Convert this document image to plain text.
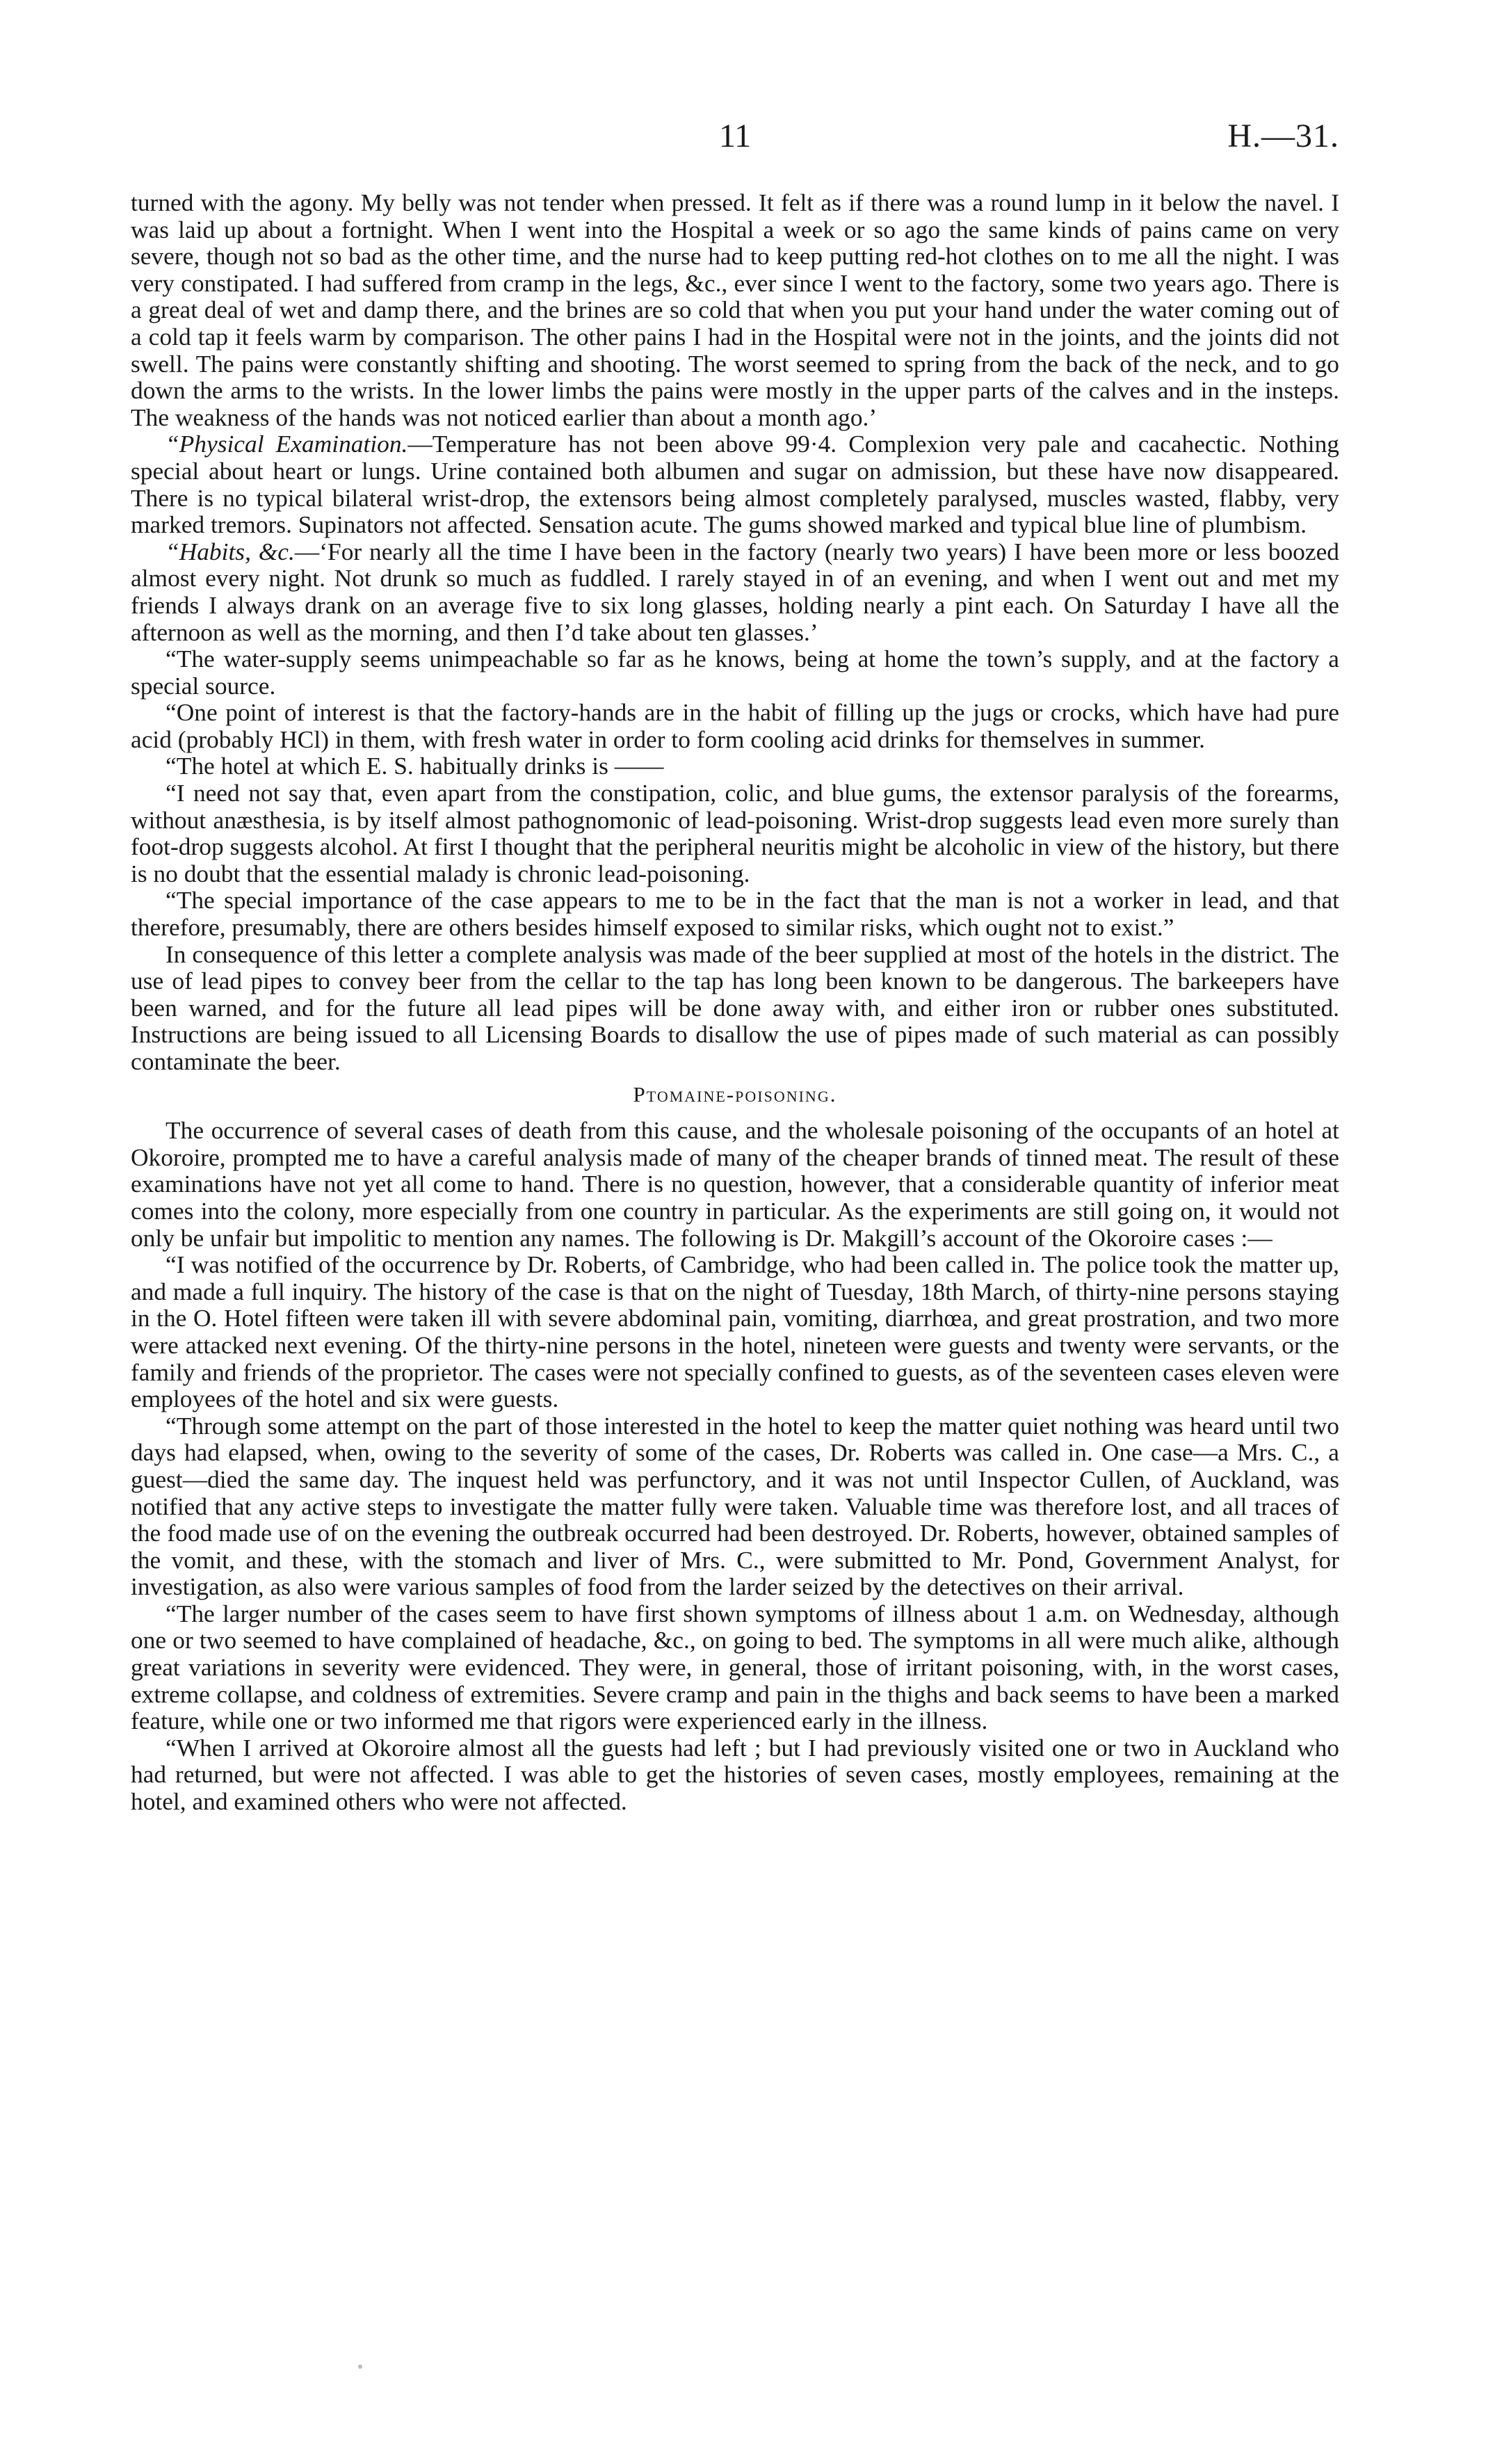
11	H.—31.

turned with the agony. My belly was not tender when pressed. It felt as if there was a round lump in it below the navel. I was laid up about a fortnight. When I went into the Hospital a week or so ago the same kinds of pains came on very severe, though not so bad as the other time, and the nurse had to keep putting red-hot clothes on to me all the night. I was very constipated. I had suffered from cramp in the legs, &c., ever since I went to the factory, some two years ago. There is a great deal of wet and damp there, and the brines are so cold that when you put your hand under the water coming out of a cold tap it feels warm by comparison. The other pains I had in the Hospital were not in the joints, and the joints did not swell. The pains were constantly shifting and shooting. The worst seemed to spring from the back of the neck, and to go down the arms to the wrists. In the lower limbs the pains were mostly in the upper parts of the calves and in the insteps. The weakness of the hands was not noticed earlier than about a month ago.’

“Physical Examination.—Temperature has not been above 99·4. Complexion very pale and cacahectic. Nothing special about heart or lungs. Urine contained both albumen and sugar on admission, but these have now disappeared. There is no typical bilateral wrist-drop, the extensors being almost completely paralysed, muscles wasted, flabby, very marked tremors. Supinators not affected. Sensation acute. The gums showed marked and typical blue line of plumbism.

“Habits, &c.—‘For nearly all the time I have been in the factory (nearly two years) I have been more or less boozed almost every night. Not drunk so much as fuddled. I rarely stayed in of an evening, and when I went out and met my friends I always drank on an average five to six long glasses, holding nearly a pint each. On Saturday I have all the afternoon as well as the morning, and then I’d take about ten glasses.’

“The water-supply seems unimpeachable so far as he knows, being at home the town’s supply, and at the factory a special source.

“One point of interest is that the factory-hands are in the habit of filling up the jugs or crocks, which have had pure acid (probably HCl) in them, with fresh water in order to form cooling acid drinks for themselves in summer.

“The hotel at which E. S. habitually drinks is ——

“I need not say that, even apart from the constipation, colic, and blue gums, the extensor paralysis of the forearms, without anæsthesia, is by itself almost pathognomonic of lead-poisoning. Wrist-drop suggests lead even more surely than foot-drop suggests alcohol. At first I thought that the peripheral neuritis might be alcoholic in view of the history, but there is no doubt that the essential malady is chronic lead-poisoning.

“The special importance of the case appears to me to be in the fact that the man is not a worker in lead, and that therefore, presumably, there are others besides himself exposed to similar risks, which ought not to exist.”

In consequence of this letter a complete analysis was made of the beer supplied at most of the hotels in the district. The use of lead pipes to convey beer from the cellar to the tap has long been known to be dangerous. The barkeepers have been warned, and for the future all lead pipes will be done away with, and either iron or rubber ones substituted. Instructions are being issued to all Licensing Boards to disallow the use of pipes made of such material as can possibly contaminate the beer.

Ptomaine-poisoning.

The occurrence of several cases of death from this cause, and the wholesale poisoning of the occupants of an hotel at Okoroire, prompted me to have a careful analysis made of many of the cheaper brands of tinned meat. The result of these examinations have not yet all come to hand. There is no question, however, that a considerable quantity of inferior meat comes into the colony, more especially from one country in particular. As the experiments are still going on, it would not only be unfair but impolitic to mention any names. The following is Dr. Makgill’s account of the Okoroire cases :—

“I was notified of the occurrence by Dr. Roberts, of Cambridge, who had been called in. The police took the matter up, and made a full inquiry. The history of the case is that on the night of Tuesday, 18th March, of thirty-nine persons staying in the O. Hotel fifteen were taken ill with severe abdominal pain, vomiting, diarrhœa, and great prostration, and two more were attacked next evening. Of the thirty-nine persons in the hotel, nineteen were guests and twenty were servants, or the family and friends of the proprietor. The cases were not specially confined to guests, as of the seventeen cases eleven were employees of the hotel and six were guests.

“Through some attempt on the part of those interested in the hotel to keep the matter quiet nothing was heard until two days had elapsed, when, owing to the severity of some of the cases, Dr. Roberts was called in. One case—a Mrs. C., a guest—died the same day. The inquest held was perfunctory, and it was not until Inspector Cullen, of Auckland, was notified that any active steps to investigate the matter fully were taken. Valuable time was therefore lost, and all traces of the food made use of on the evening the outbreak occurred had been destroyed. Dr. Roberts, however, obtained samples of the vomit, and these, with the stomach and liver of Mrs. C., were submitted to Mr. Pond, Government Analyst, for investigation, as also were various samples of food from the larder seized by the detectives on their arrival.

“The larger number of the cases seem to have first shown symptoms of illness about 1 a.m. on Wednesday, although one or two seemed to have complained of headache, &c., on going to bed. The symptoms in all were much alike, although great variations in severity were evidenced. They were, in general, those of irritant poisoning, with, in the worst cases, extreme collapse, and coldness of extremities. Severe cramp and pain in the thighs and back seems to have been a marked feature, while one or two informed me that rigors were experienced early in the illness.

“When I arrived at Okoroire almost all the guests had left ; but I had previously visited one or two in Auckland who had returned, but were not affected. I was able to get the histories of seven cases, mostly employees, remaining at the hotel, and examined others who were not affected.
